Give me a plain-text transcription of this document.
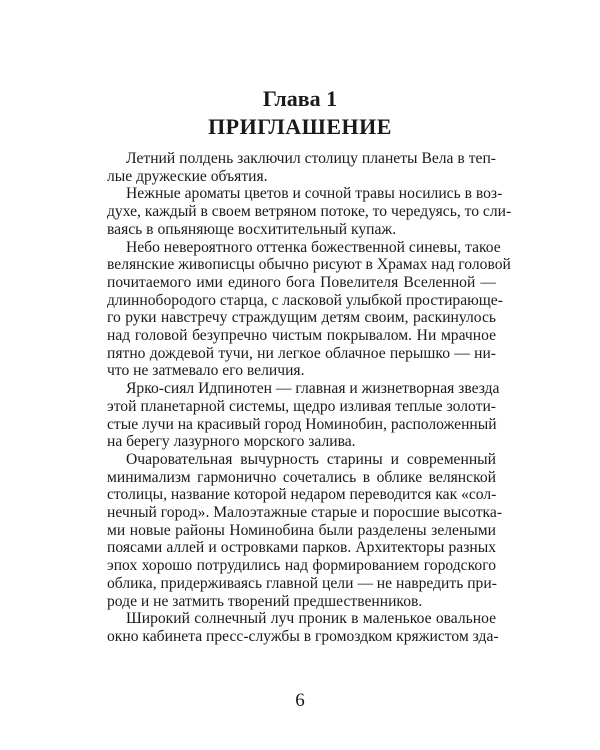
Глава 1
ПРИГЛАШЕНИЕ
Летний полдень заключил столицу планеты Вела в теп-
лые дружеские объятия.
Нежные ароматы цветов и сочной травы носились в воз-
духе, каждый в своем ветряном потоке, то чередуясь, то сли-
ваясь в опьяняюще восхитительный купаж.
Небо невероятного оттенка божественной синевы, такое
велянские живописцы обычно рисуют в Храмах над головой
почитаемого ими единого бога Повелителя Вселенной —
длиннобородого старца, с ласковой улыбкой простирающе-
го руки навстречу страждущим детям своим, раскинулось
над головой безупречно чистым покрывалом. Ни мрачное
пятно дождевой тучи, ни легкое облачное перышко — ни-
что не затмевало его величия.
Ярко-сиял Идпинотен — главная и жизнетворная звезда
этой планетарной системы, щедро изливая теплые золоти-
стые лучи на красивый город Номинобин, расположенный
на берегу лазурного морского залива.
Очаровательная вычурность старины и современный
минимализм гармонично сочетались в облике велянской
столицы, название которой недаром переводится как «сол-
нечный город». Малоэтажные старые и поросшие высотка-
ми новые районы Номинобина были разделены зелеными
поясами аллей и островками парков. Архитекторы разных
эпох хорошо потрудились над формированием городского
облика, придерживаясь главной цели — не навредить при-
роде и не затмить творений предшественников.
Широкий солнечный луч проник в маленькое овальное
окно кабинета пресс-службы в громоздком кряжистом зда-
6
